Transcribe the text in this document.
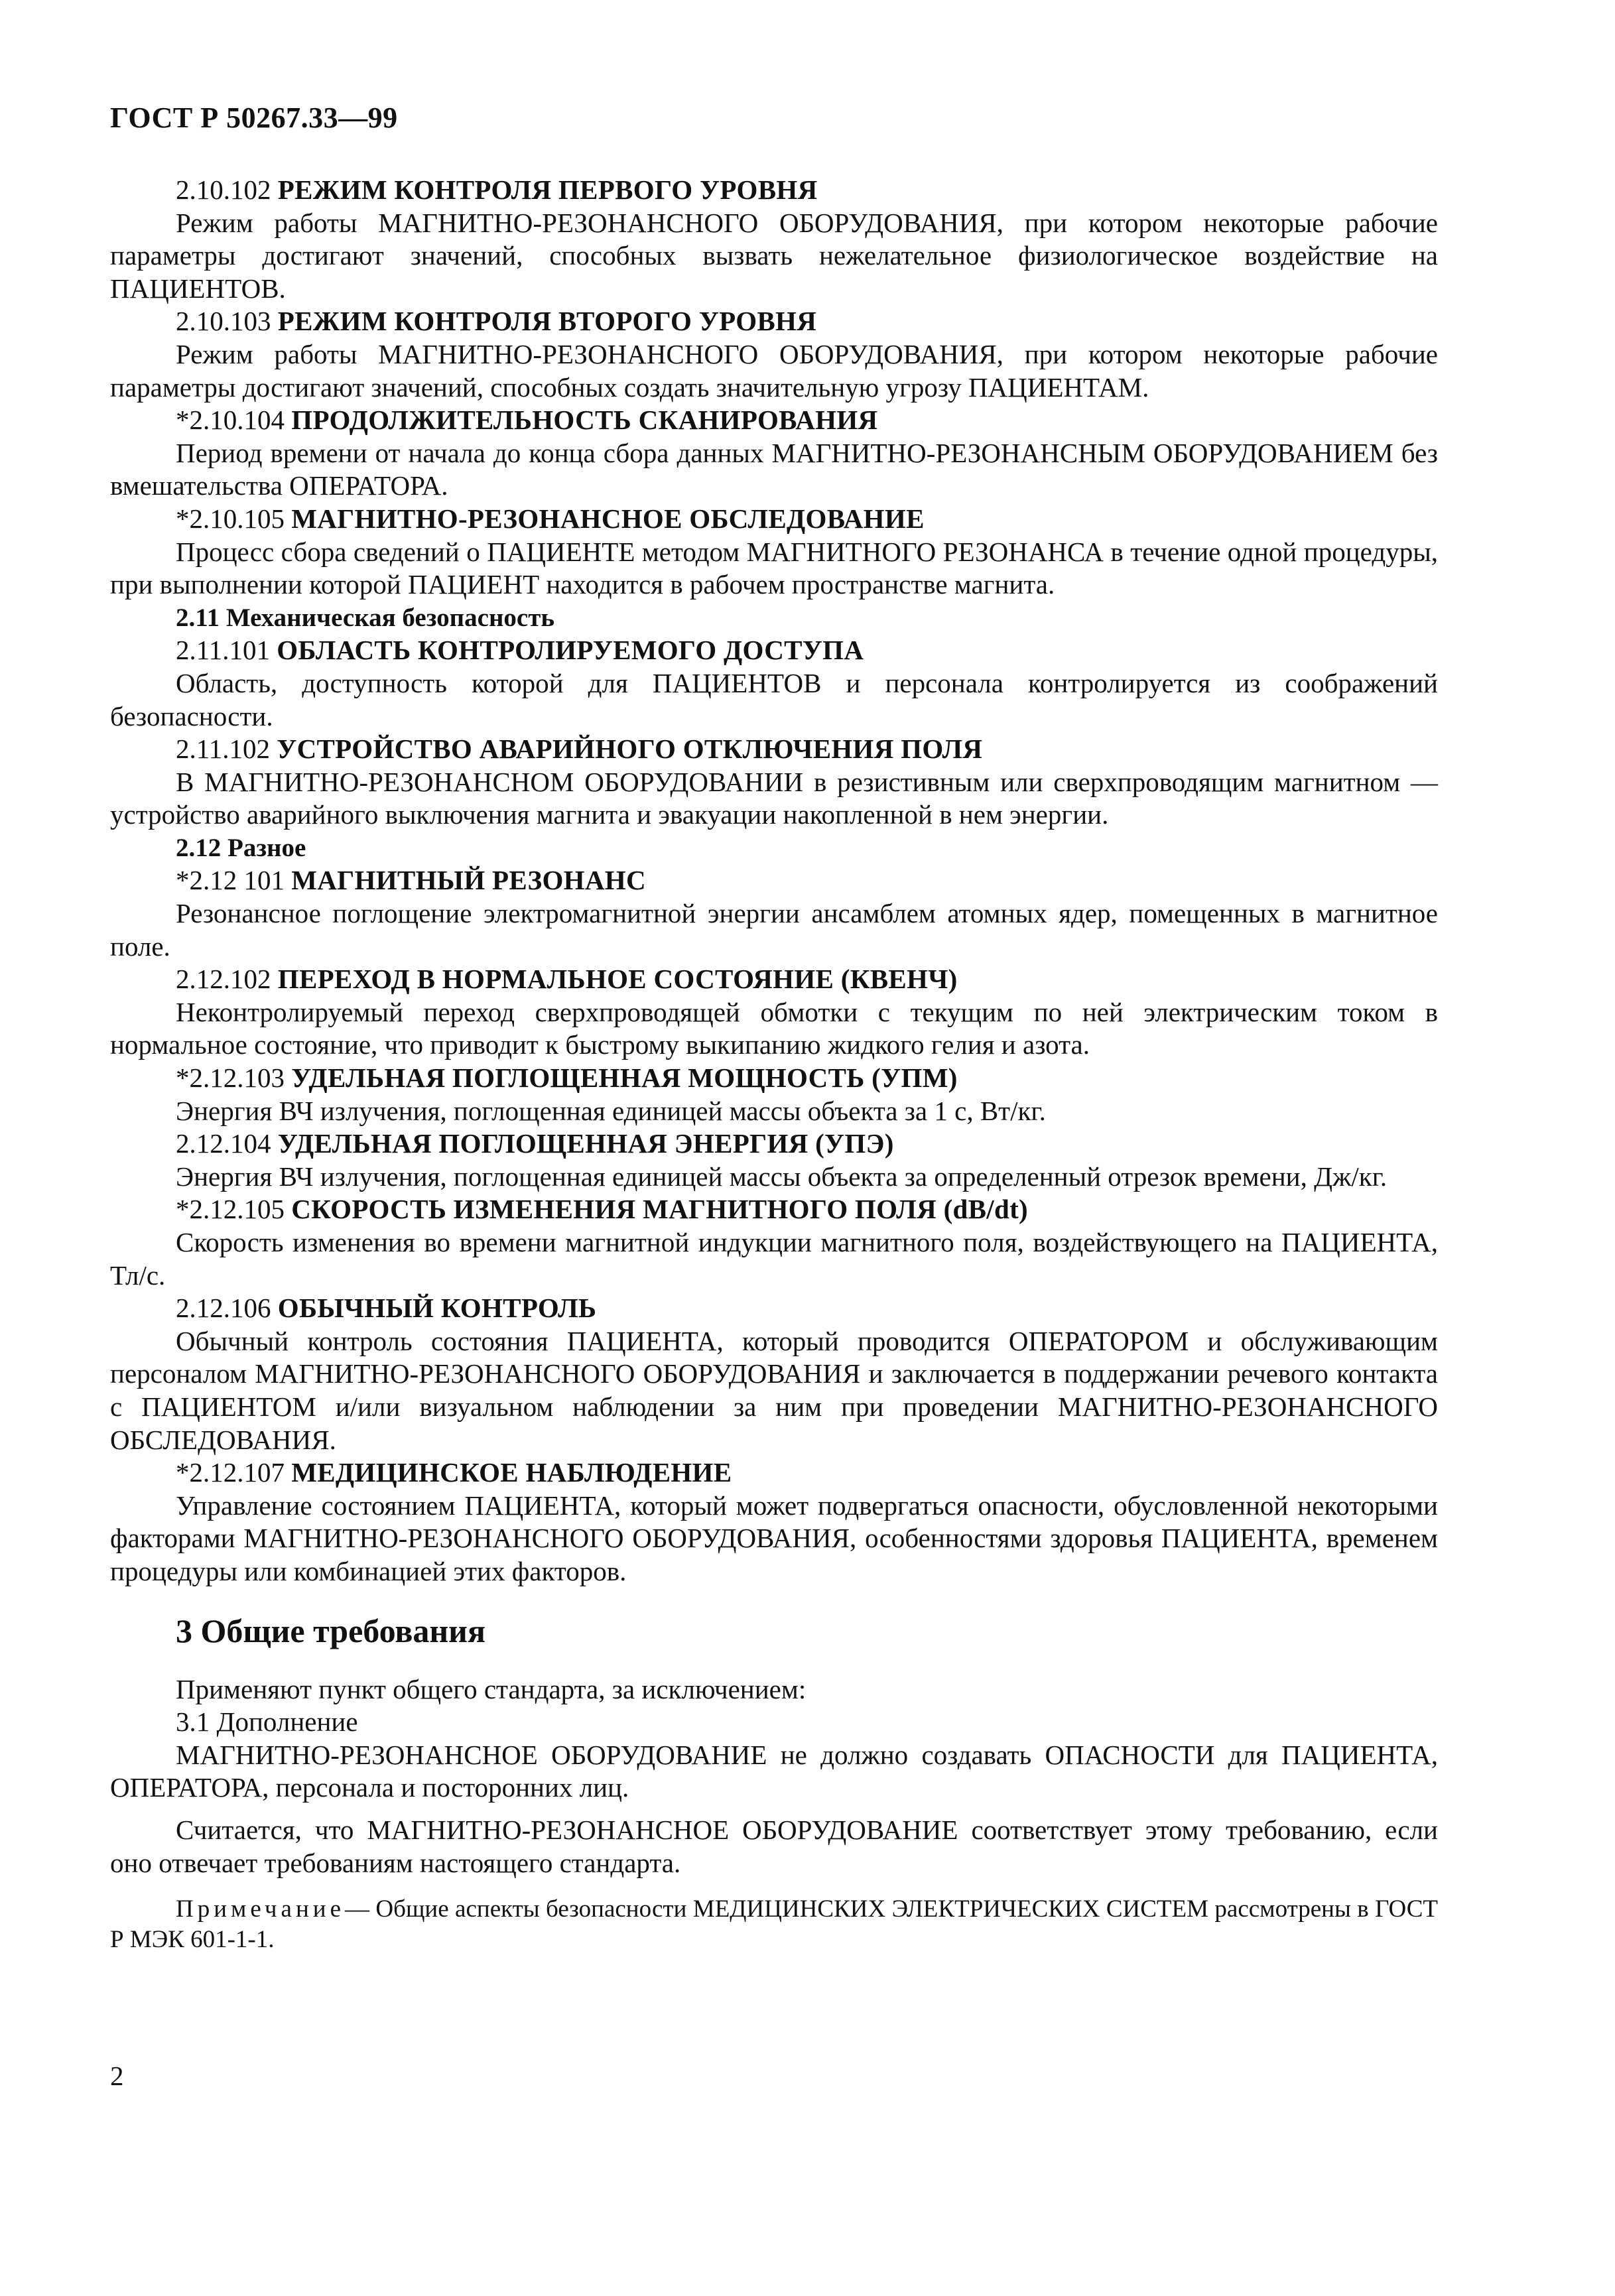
ГОСТ Р 50267.33—99

2.10.102 РЕЖИМ КОНТРОЛЯ ПЕРВОГО УРОВНЯ

Режим работы МАГНИТНО-РЕЗОНАНСНОГО ОБОРУДОВАНИЯ, при котором некоторые рабочие параметры достигают значений, способных вызвать нежелательное физиологическое воздействие на ПАЦИЕНТОВ.

2.10.103 РЕЖИМ КОНТРОЛЯ ВТОРОГО УРОВНЯ

Режим работы МАГНИТНО-РЕЗОНАНСНОГО ОБОРУДОВАНИЯ, при котором некоторые рабочие параметры достигают значений, способных создать значительную угрозу ПАЦИЕНТАМ.

*2.10.104 ПРОДОЛЖИТЕЛЬНОСТЬ СКАНИРОВАНИЯ

Период времени от начала до конца сбора данных МАГНИТНО-РЕЗОНАНСНЫМ ОБОРУДОВАНИЕМ без вмешательства ОПЕРАТОРА.

*2.10.105 МАГНИТНО-РЕЗОНАНСНОЕ ОБСЛЕДОВАНИЕ

Процесс сбора сведений о ПАЦИЕНТЕ методом МАГНИТНОГО РЕЗОНАНСА в течение одной процедуры, при выполнении которой ПАЦИЕНТ находится в рабочем пространстве магнита.

2.11 Механическая безопасность

2.11.101 ОБЛАСТЬ КОНТРОЛИРУЕМОГО ДОСТУПА

Область, доступность которой для ПАЦИЕНТОВ и персонала контролируется из соображений безопасности.

2.11.102 УСТРОЙСТВО АВАРИЙНОГО ОТКЛЮЧЕНИЯ ПОЛЯ

В МАГНИТНО-РЕЗОНАНСНОМ ОБОРУДОВАНИИ в резистивным или сверхпроводящим магнитном — устройство аварийного выключения магнита и эвакуации накопленной в нем энергии.

2.12 Разное

*2.12 101 МАГНИТНЫЙ РЕЗОНАНС

Резонансное поглощение электромагнитной энергии ансамблем атомных ядер, помещенных в магнитное поле.

2.12.102 ПЕРЕХОД В НОРМАЛЬНОЕ СОСТОЯНИЕ (КВЕНЧ)

Неконтролируемый переход сверхпроводящей обмотки с текущим по ней электрическим током в нормальное состояние, что приводит к быстрому выкипанию жидкого гелия и азота.

*2.12.103 УДЕЛЬНАЯ ПОГЛОЩЕННАЯ МОЩНОСТЬ (УПМ)

Энергия ВЧ излучения, поглощенная единицей массы объекта за 1 с, Вт/кг.

2.12.104 УДЕЛЬНАЯ ПОГЛОЩЕННАЯ ЭНЕРГИЯ (УПЭ)

Энергия ВЧ излучения, поглощенная единицей массы объекта за определенный отрезок времени, Дж/кг.

*2.12.105 СКОРОСТЬ ИЗМЕНЕНИЯ МАГНИТНОГО ПОЛЯ (dB/dt)

Скорость изменения во времени магнитной индукции магнитного поля, воздействующего на ПАЦИЕНТА, Тл/с.

2.12.106 ОБЫЧНЫЙ КОНТРОЛЬ

Обычный контроль состояния ПАЦИЕНТА, который проводится ОПЕРАТОРОМ и обслуживающим персоналом МАГНИТНО-РЕЗОНАНСНОГО ОБОРУДОВАНИЯ и заключается в поддержании речевого контакта с ПАЦИЕНТОМ и/или визуальном наблюдении за ним при проведении МАГНИТНО-РЕЗОНАНСНОГО ОБСЛЕДОВАНИЯ.

*2.12.107 МЕДИЦИНСКОЕ НАБЛЮДЕНИЕ

Управление состоянием ПАЦИЕНТА, который может подвергаться опасности, обусловленной некоторыми факторами МАГНИТНО-РЕЗОНАНСНОГО ОБОРУДОВАНИЯ, особенностями здоровья ПАЦИЕНТА, временем процедуры или комбинацией этих факторов.

3 Общие требования

Применяют пункт общего стандарта, за исключением:

3.1 Дополнение

МАГНИТНО-РЕЗОНАНСНОЕ ОБОРУДОВАНИЕ не должно создавать ОПАСНОСТИ для ПАЦИЕНТА, ОПЕРАТОРА, персонала и посторонних лиц.

Считается, что МАГНИТНО-РЕЗОНАНСНОЕ ОБОРУДОВАНИЕ соответствует этому требованию, если оно отвечает требованиям настоящего стандарта.

Примечание— Общие аспекты безопасности МЕДИЦИНСКИХ ЭЛЕКТРИЧЕСКИХ СИСТЕМ рассмотрены в ГОСТ Р МЭК 601-1-1.

2
